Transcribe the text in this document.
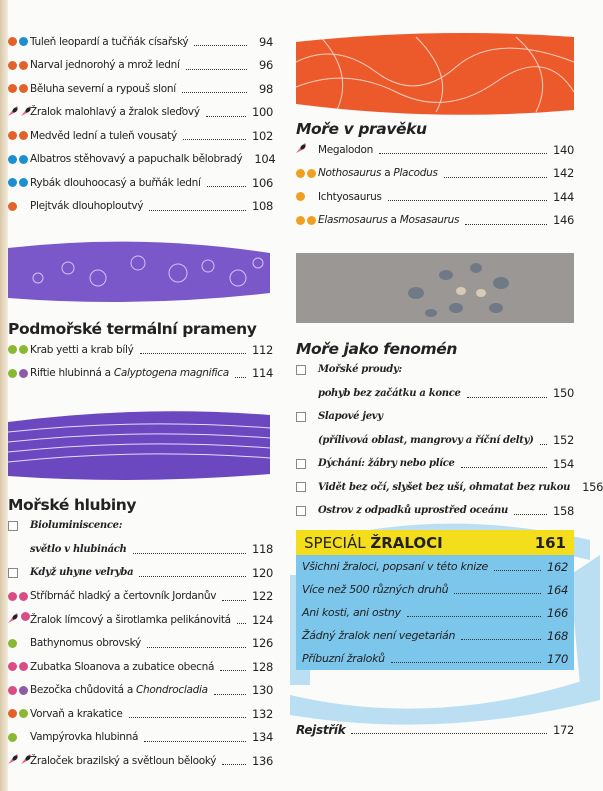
Tuleň leopardí a tučňák císařský	94
Narval jednorohý a mrož lední	96
Běluha severní a rypouš sloní	98
Žralok malohlavý a žralok sleďový	100
Medvěd lední a tuleň vousatý	102
Albatros stěhovavý a papuchalk bělobradý 104
Rybák dlouhoocasý a buřňák lední	106
Plejtvák dlouhoploutvý	108
Podmořské termální prameny
Krab yetti a krab bílý	112
Riftie hlubinná a Calyptogena magnifica 114
Mořské hlubiny
Bioluminiscence:
světlo v hlubinách	118
Když uhyne velryba	120
Stříbrnáč hladký a čertovník Jordanův	122
Žralok límcový a širotlamka pelikánovitá 124
Bathynomus obrovský	126
Zubatka Sloanova a zubatice obecná	128
Bezočka chůdovitá a Chondrocladia	130
Vorvaň a krakatice	132
Vampýrovka hlubinná	134
Žraloček brazilský a světloun bělooký	136
Moře v pravěku
Megalodon	140
Nothosaurus a Placodus	142
Ichtyosaurus	144
Elasmosaurus a Mosasaurus	146
Moře jako fenomén
Mořské proudy:
pohyb bez začátku a konce	150
Slapové jevy
(přílivová oblast, mangrovy a říční delty) 152
Dýchání: žábry nebo plíce	154
Vidět bez očí, slyšet bez uší, ohmatat bez rukou 156
Ostrov z odpadků uprostřed oceánu	158
SPECIÁL ŽRALOCI	161
Všichni žraloci, popsaní v této knize	162
Více než 500 různých druhů	164
Ani kosti, ani ostny	166
Žádný žralok není vegetarián	168
Příbuzní žraloků	170
Rejstřík	172
